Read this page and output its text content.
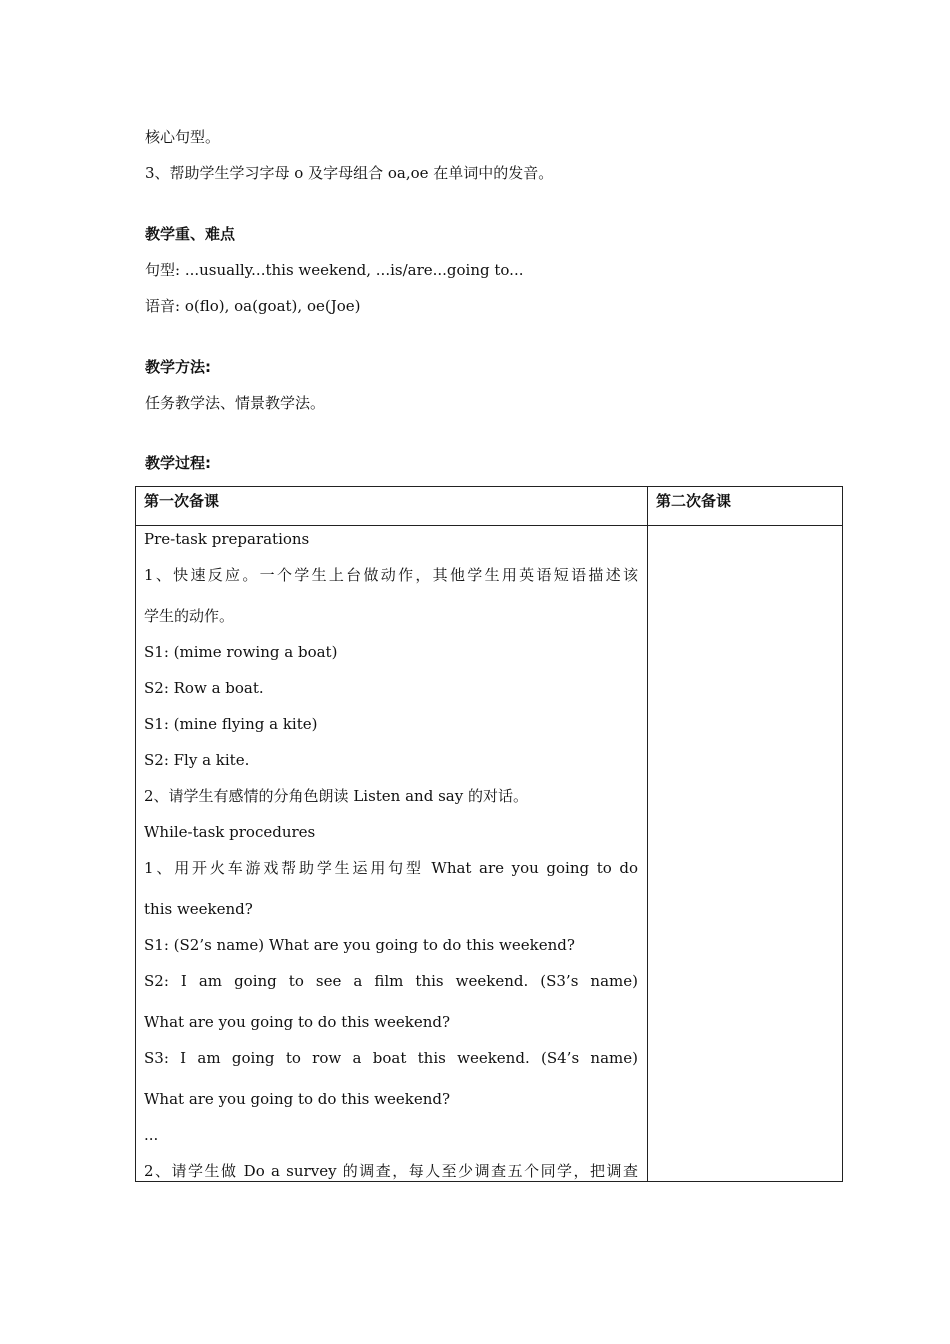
核心句型。
3、帮助学生学习字母 o 及字母组合 oa,oe 在单词中的发音。
教学重、难点
句型: ...usually...this weekend, ...is/are...going to...
语音: o(flo), oa(goat), oe(Joe)
教学方法:
任务教学法、情景教学法。
教学过程:
第一次备课	第二次备课
Pre-task preparations
1、快速反应。一个学生上台做动作，其他学生用英语短语描述该
学生的动作。
S1: (mime rowing a boat)
S2: Row a boat.
S1: (mine flying a kite)
S2: Fly a kite.
2、请学生有感情的分角色朗读 Listen and say 的对话。
While-task procedures
1、用开火车游戏帮助学生运用句型 What are you going to do
this weekend?
S1: (S2’s name) What are you going to do this weekend?
S2: I am going to see a film this weekend. (S3’s name)
What are you going to do this weekend?
S3: I am going to row a boat this weekend. (S4’s name)
What are you going to do this weekend?
...
2、请学生做 Do a survey 的调查，每人至少调查五个同学，把调查
